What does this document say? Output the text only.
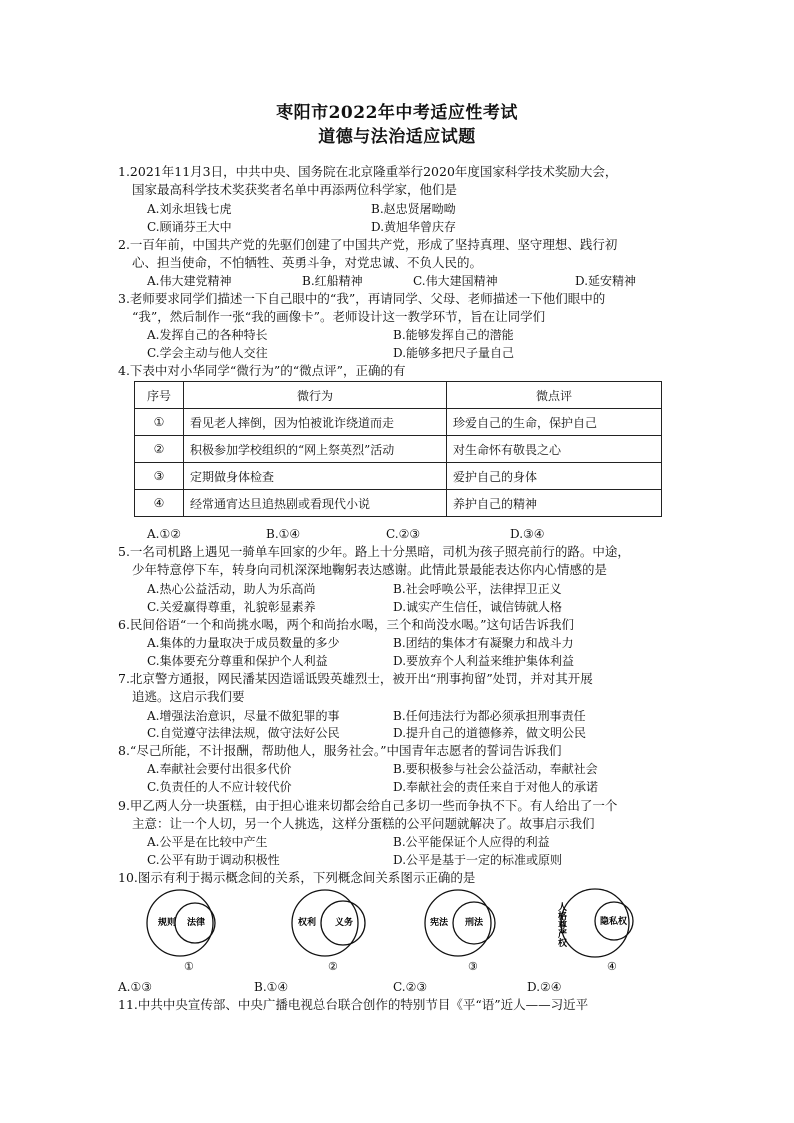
枣阳市2022年中考适应性考试
道德与法治适应试题
1.2021年11月3日，中共中央、国务院在北京隆重举行2020年度国家科学技术奖励大会，
国家最高科学技术奖获奖者名单中再添两位科学家，他们是
A.刘永坦钱七虎	B.赵忠贤屠呦呦
C.顾诵芬王大中	D.黄旭华曾庆存
2.一百年前，中国共产党的先驱们创建了中国共产党，形成了坚持真理、坚守理想、践行初
心、担当使命，不怕牺牲、英勇斗争，对党忠诚、不负人民的。
A.伟大建党精神	B.红船精神	C.伟大建国精神	D.延安精神
3.老师要求同学们描述一下自己眼中的“我”，再请同学、父母、老师描述一下他们眼中的
“我”，然后制作一张“我的画像卡”。老师设计这一教学环节，旨在让同学们
A.发挥自己的各种特长	B.能够发挥自己的潜能
C.学会主动与他人交往	D.能够多把尺子量自己
4.下表中对小华同学“微行为”的“微点评”，正确的有
序号	微行为	微点评
①	看见老人摔倒，因为怕被讹诈绕道而走	珍爱自己的生命，保护自己
②	积极参加学校组织的“网上祭英烈”活动	对生命怀有敬畏之心
③	定期做身体检查	爱护自己的身体
④	经常通宵达旦追热剧或看现代小说	养护自己的精神
A.①②	B.①④	C.②③	D.③④
5.一名司机路上遇见一骑单车回家的少年。路上十分黑暗，司机为孩子照亮前行的路。中途，
少年特意停下车，转身向司机深深地鞠躬表达感谢。此情此景最能表达你内心情感的是
A.热心公益活动，助人为乐高尚	B.社会呼唤公平，法律捍卫正义
C.关爱赢得尊重，礼貌彰显素养	D.诚实产生信任，诚信铸就人格
6.民间俗语“一个和尚挑水喝，两个和尚抬水喝，三个和尚没水喝。”这句话告诉我们
A.集体的力量取决于成员数量的多少	B.团结的集体才有凝聚力和战斗力
C.集体要充分尊重和保护个人利益	D.要放弃个人利益来维护集体利益
7.北京警方通报，网民潘某因造谣诋毁英雄烈士，被开出“刑事拘留”处罚，并对其开展
追逃。这启示我们要
A.增强法治意识，尽量不做犯罪的事	B.任何违法行为都必须承担刑事责任
C.自觉遵守法律法规，做守法好公民	D.提升自己的道德修养，做文明公民
8.“尽己所能，不计报酬，帮助他人，服务社会。”中国青年志愿者的誓词告诉我们
A.奉献社会要付出很多代价	B.要积极参与社会公益活动，奉献社会
C.负责任的人不应计较代价	D.奉献社会的责任来自于对他人的承诺
9.甲乙两人分一块蛋糕，由于担心谁来切都会给自己多切一些而争执不下。有人给出了一个
主意：让一个人切，另一个人挑选，这样分蛋糕的公平问题就解决了。故事启示我们
A.公平是在比较中产生	B.公平能保证个人应得的利益
C.公平有助于调动积极性	D.公平是基于一定的标准或原则
10.图示有利于揭示概念间的关系，下列概念间关系图示正确的是
规则 法律
①
权利 义务
②
宪法 刑法
③
人格尊严权	隐私权
④
A.①③	B.①④	C.②③	D.②④
11.中共中央宣传部、中央广播电视总台联合创作的特别节目《平“语”近人——习近平
